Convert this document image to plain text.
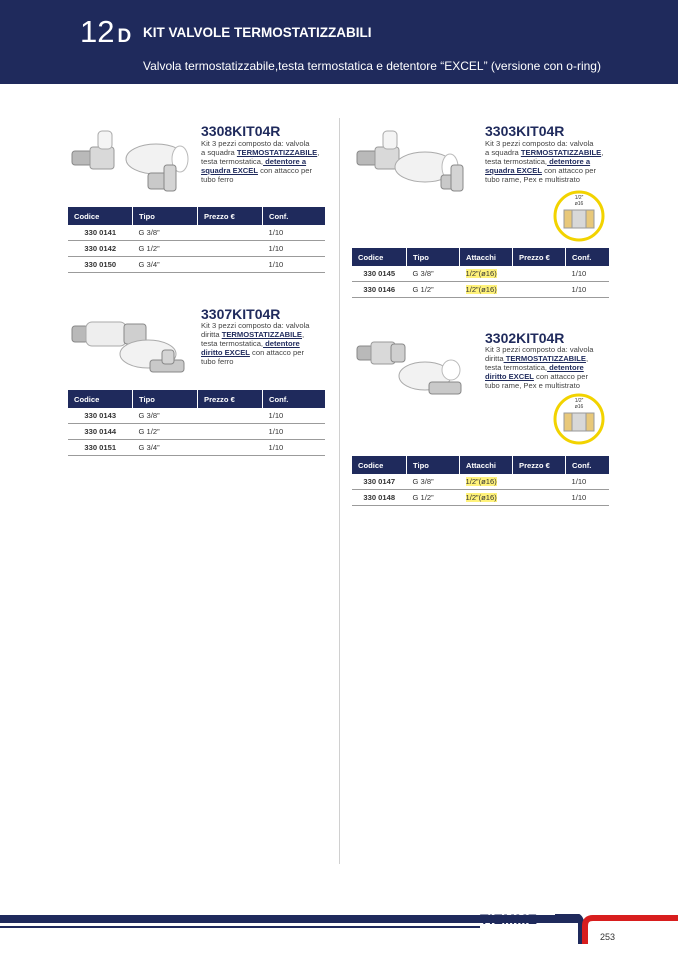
12 D KIT VALVOLE TERMOSTATIZZABILI
Valvola termostatizzabile,testa termostatica e detentore “EXCEL” (versione con o-ring)
1/2”
ø16
1/2”
ø16
3308KIT04R
Kit 3 pezzi composto da: valvola
a squadra TERMOSTATIZZABILE,
testa termostatica, detentore a
squadra EXCEL con attacco per
tubo ferro
Codice	Tipo	Prezzo €	Conf.
330 0141	G 3/8”		1/10
330 0142	G 1/2”		1/10
330 0150	G 3/4”		1/10
3307KIT04R
Kit 3 pezzi composto da: valvola
diritta TERMOSTATIZZABILE,
testa termostatica, detentore
diritto EXCEL con attacco per
tubo ferro
Codice	Tipo	Prezzo €	Conf.
330 0143	G 3/8”		1/10
330 0144	G 1/2”		1/10
330 0151	G 3/4”		1/10
3303KIT04R
Kit 3 pezzi composto da: valvola
a squadra TERMOSTATIZZABILE,
testa termostatica, detentore a
squadra EXCEL con attacco per
tubo rame, Pex e multistrato
Codice	Tipo	Attacchi	Prezzo €	Conf.
330 0145	G 3/8”	1/2”(ø16)		1/10
330 0146	G 1/2”	1/2”(ø16)		1/10
3302KIT04R
Kit 3 pezzi composto da: valvola
diritta TERMOSTATIZZABILE,
testa termostatica, detentore
diritto EXCEL con attacco per
tubo rame, Pex e multistrato
Codice	Tipo	Attacchi	Prezzo €	Conf.
330 0147	G 3/8”	1/2”(ø16)		1/10
330 0148	G 1/2”	1/2”(ø16)		1/10
TIEMME
253
